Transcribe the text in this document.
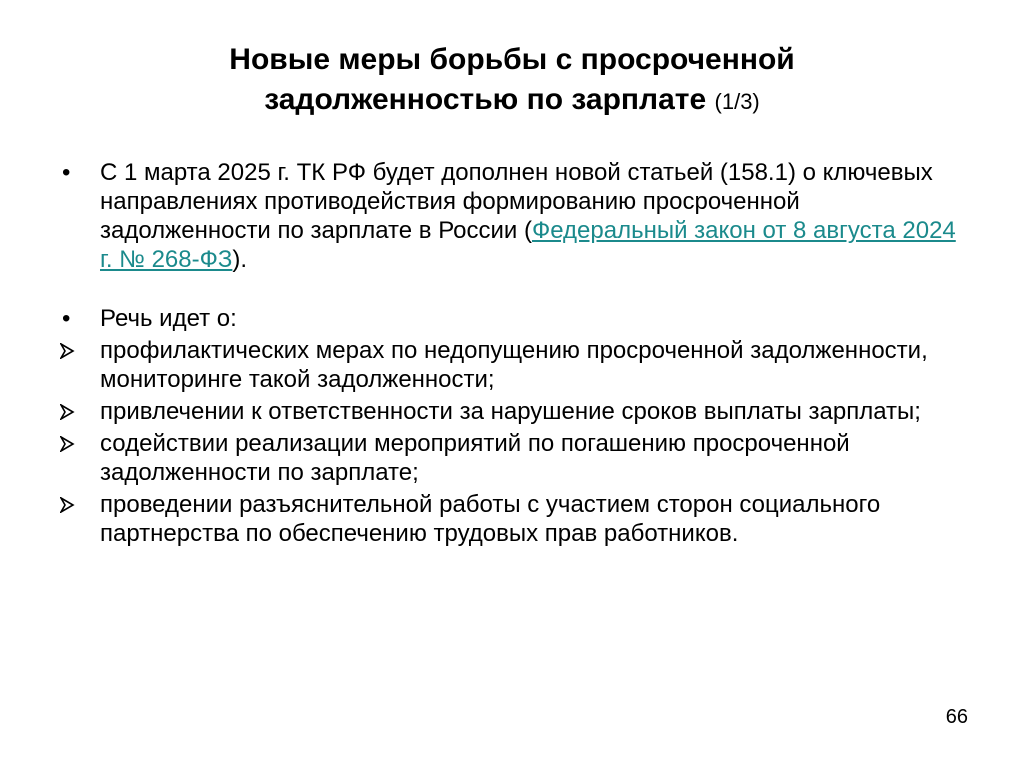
Новые меры борьбы с просроченной
задолженностью по зарплате (1/3)
•	С 1 марта 2025 г. ТК РФ будет дополнен новой статьей (158.1) о ключевых направлениях противодействия формированию просроченной задолженности по зарплате в России (Федеральный закон от 8 августа 2024 г. № 268-ФЗ).
•	Речь идет о:
профилактических мерах по недопущению просроченной задолженности, мониторинге такой задолженности;
привлечении к ответственности за нарушение сроков выплаты зарплаты;
содействии реализации мероприятий по погашению просроченной задолженности по зарплате;
проведении разъяснительной работы с участием сторон социального партнерства по обеспечению трудовых прав работников.
66
